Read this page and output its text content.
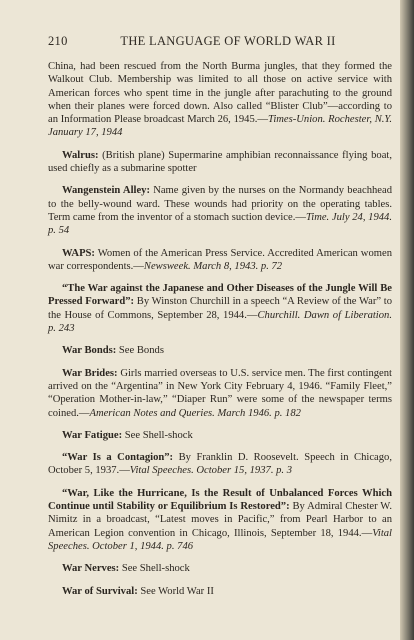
210	THE LANGUAGE OF WORLD WAR II

China, had been rescued from the North Burma jungles, that they formed the Walkout Club. Membership was limited to all those on active service with American forces who spent time in the jungle after parachuting to the ground when their planes were forced down. Also called “Blister Club”—according to an Information Please broadcast March 26, 1945.—Times-Union. Rochester, N.Y. January 17, 1944

Walrus: (British plane) Supermarine amphibian reconnaissance flying boat, used chiefly as a submarine spotter
Wangenstein Alley: Name given by the nurses on the Normandy beachhead to the belly-wound ward. These wounds had priority on the operating tables. Term came from the inventor of a stomach suction device.—Time. July 24, 1944. p. 54
WAPS: Women of the American Press Service. Accredited American women war correspondents.—Newsweek. March 8, 1943. p. 72
“The War against the Japanese and Other Diseases of the Jungle Will Be Pressed Forward”: By Winston Churchill in a speech “A Review of the War” to the House of Commons, September 28, 1944.—Churchill. Dawn of Liberation. p. 243
War Bonds: See Bonds
War Brides: Girls married overseas to U.S. service men. The first contingent arrived on the “Argentina” in New York City February 4, 1946. “Family Fleet,” “Operation Mother-in-law,” “Diaper Run” were some of the newspaper terms coined.—American Notes and Queries. March 1946. p. 182
War Fatigue: See Shell-shock
“War Is a Contagion”: By Franklin D. Roosevelt. Speech in Chicago, October 5, 1937.—Vital Speeches. October 15, 1937. p. 3
“War, Like the Hurricane, Is the Result of Unbalanced Forces Which Continue until Stability or Equilibrium Is Restored”: By Admiral Chester W. Nimitz in a broadcast, “Latest moves in Pacific,” from Pearl Harbor to an American Legion convention in Chicago, Illinois, September 18, 1944.—Vital Speeches. October 1, 1944. p. 746
War Nerves: See Shell-shock
War of Survival: See World War II
